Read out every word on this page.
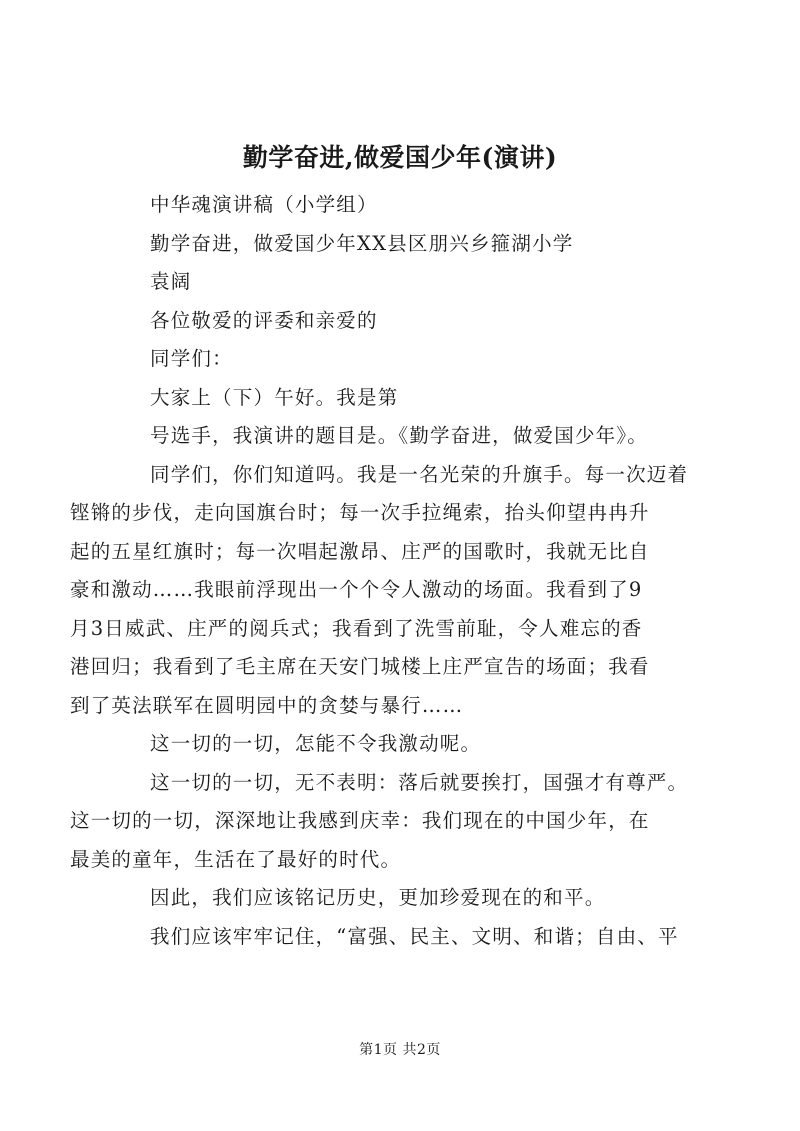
勤学奋进,做爱国少年(演讲)

中华魂演讲稿（小学组）

勤学奋进，做爱国少年XX县区朋兴乡箍湖小学

袁阔

各位敬爱的评委和亲爱的

同学们：

大家上（下）午好。我是第

号选手，我演讲的题目是。《勤学奋进，做爱国少年》。

同学们，你们知道吗。我是一名光荣的升旗手。每一次迈着
铿锵的步伐，走向国旗台时；每一次手拉绳索，抬头仰望冉冉升
起的五星红旗时；每一次唱起激昂、庄严的国歌时，我就无比自
豪和激动……我眼前浮现出一个个令人激动的场面。我看到了9
月3日威武、庄严的阅兵式；我看到了洗雪前耻，令人难忘的香
港回归；我看到了毛主席在天安门城楼上庄严宣告的场面；我看
到了英法联军在圆明园中的贪婪与暴行……

这一切的一切，怎能不令我激动呢。

这一切的一切，无不表明：落后就要挨打，国强才有尊严。
这一切的一切，深深地让我感到庆幸：我们现在的中国少年，在
最美的童年，生活在了最好的时代。

因此，我们应该铭记历史，更加珍爱现在的和平。

我们应该牢牢记住，“富强、民主、文明、和谐；自由、平

第1页 共2页
